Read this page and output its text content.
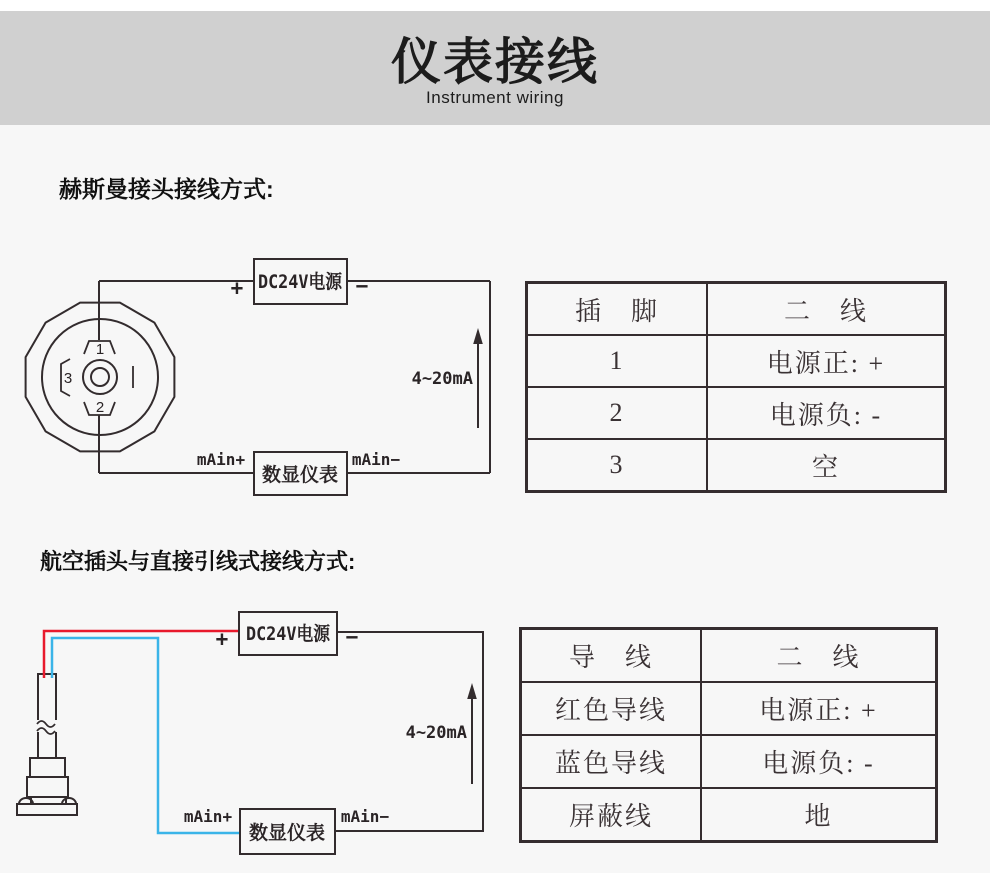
仪表接线
Instrument wiring
赫斯曼接头接线方式:
1
2
3
DC24V电源
+	−
数显仪表
mAin+	mAin−
4~20mA
插　脚	二　线
1	电源正: +
2	电源负: -
3	空
航空插头与直接引线式接线方式:
DC24V电源
+	−
数显仪表
mAin+	mAin−
4~20mA
导　线	二　线
红色导线	电源正: +
蓝色导线	电源负: -
屏蔽线	地
